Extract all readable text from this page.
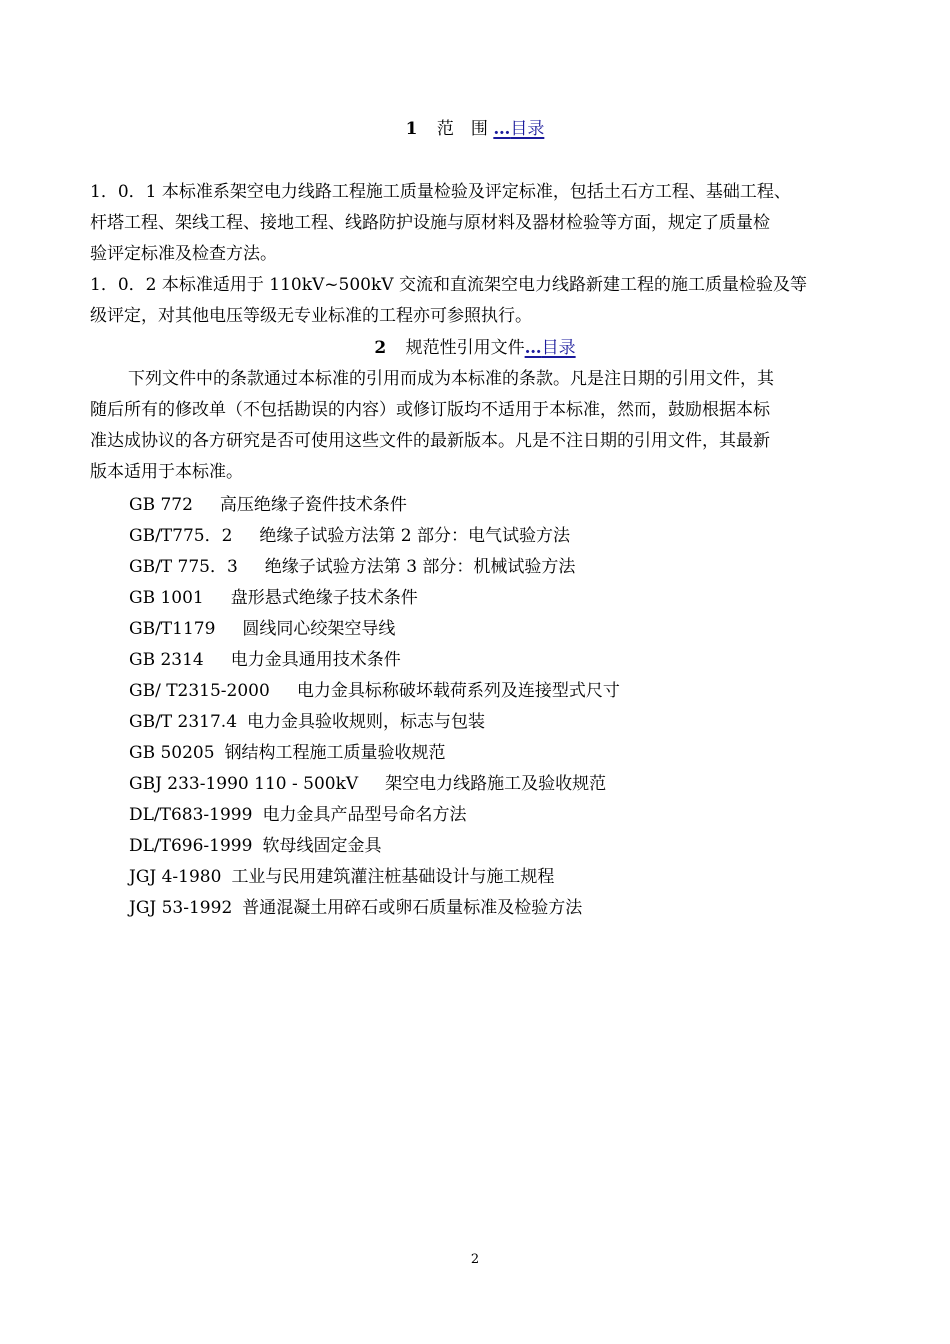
1 范　围 …目录
1．0．1 本标准系架空电力线路工程施工质量检验及评定标准，包括土石方工程、基础工程、
杆塔工程、架线工程、接地工程、线路防护设施与原材料及器材检验等方面，规定了质量检
验评定标准及检查方法。
1．0．2 本标准适用于 110kV~500kV 交流和直流架空电力线路新建工程的施工质量检验及等
级评定，对其他电压等级无专业标准的工程亦可参照执行。
2 规范性引用文件…目录
下列文件中的条款通过本标准的引用而成为本标准的条款。凡是注日期的引用文件，其
随后所有的修改单（不包括勘误的内容）或修订版均不适用于本标准，然而，鼓励根据本标
准达成协议的各方研究是否可使用这些文件的最新版本。凡是不注日期的引用文件，其最新
版本适用于本标准。
GB 772　高压绝缘子瓷件技术条件
GB/T775．2　绝缘子试验方法第 2 部分：电气试验方法
GB/T 775．3　绝缘子试验方法第 3 部分：机械试验方法
GB 1001　盘形悬式绝缘子技术条件
GB/T1179　圆线同心绞架空导线
GB 2314　电力金具通用技术条件
GB/ T2315-2000　电力金具标称破坏载荷系列及连接型式尺寸
GB/T 2317.4 电力金具验收规则，标志与包装
GB 50205 钢结构工程施工质量验收规范
GBJ 233-1990 110 - 500kV　架空电力线路施工及验收规范
DL/T683-1999 电力金具产品型号命名方法
DL/T696-1999 软母线固定金具
JGJ 4-1980 工业与民用建筑灌注桩基础设计与施工规程
JGJ 53-1992 普通混凝土用碎石或卵石质量标准及检验方法
2
